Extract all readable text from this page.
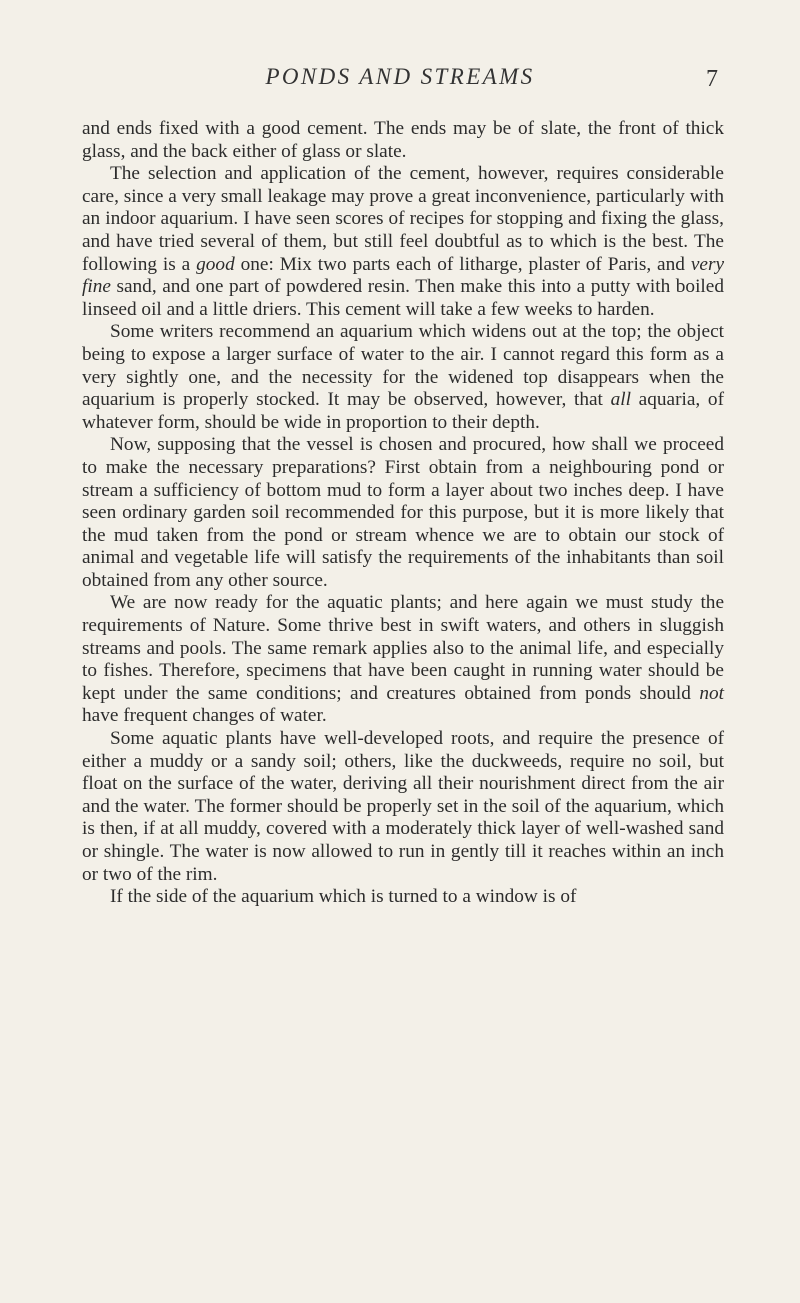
PONDS AND STREAMS	7

and ends fixed with a good cement. The ends may be of slate, the front of thick glass, and the back either of glass or slate.

The selection and application of the cement, however, requires considerable care, since a very small leakage may prove a great inconvenience, particularly with an indoor aquarium. I have seen scores of recipes for stopping and fixing the glass, and have tried several of them, but still feel doubtful as to which is the best. The following is a good one: Mix two parts each of litharge, plaster of Paris, and very fine sand, and one part of powdered resin. Then make this into a putty with boiled linseed oil and a little driers. This cement will take a few weeks to harden.

Some writers recommend an aquarium which widens out at the top; the object being to expose a larger surface of water to the air. I cannot regard this form as a very sightly one, and the necessity for the widened top disappears when the aquarium is properly stocked. It may be observed, however, that all aquaria, of whatever form, should be wide in proportion to their depth.

Now, supposing that the vessel is chosen and procured, how shall we proceed to make the necessary preparations? First obtain from a neighbouring pond or stream a sufficiency of bottom mud to form a layer about two inches deep. I have seen ordinary garden soil recommended for this purpose, but it is more likely that the mud taken from the pond or stream whence we are to obtain our stock of animal and vegetable life will satisfy the requirements of the inhabitants than soil obtained from any other source.

We are now ready for the aquatic plants; and here again we must study the requirements of Nature. Some thrive best in swift waters, and others in sluggish streams and pools. The same remark applies also to the animal life, and especially to fishes. Therefore, specimens that have been caught in running water should be kept under the same conditions; and creatures obtained from ponds should not have frequent changes of water.

Some aquatic plants have well-developed roots, and require the presence of either a muddy or a sandy soil; others, like the duckweeds, require no soil, but float on the surface of the water, deriving all their nourishment direct from the air and the water. The former should be properly set in the soil of the aquarium, which is then, if at all muddy, covered with a moderately thick layer of well-washed sand or shingle. The water is now allowed to run in gently till it reaches within an inch or two of the rim.

If the side of the aquarium which is turned to a window is of
